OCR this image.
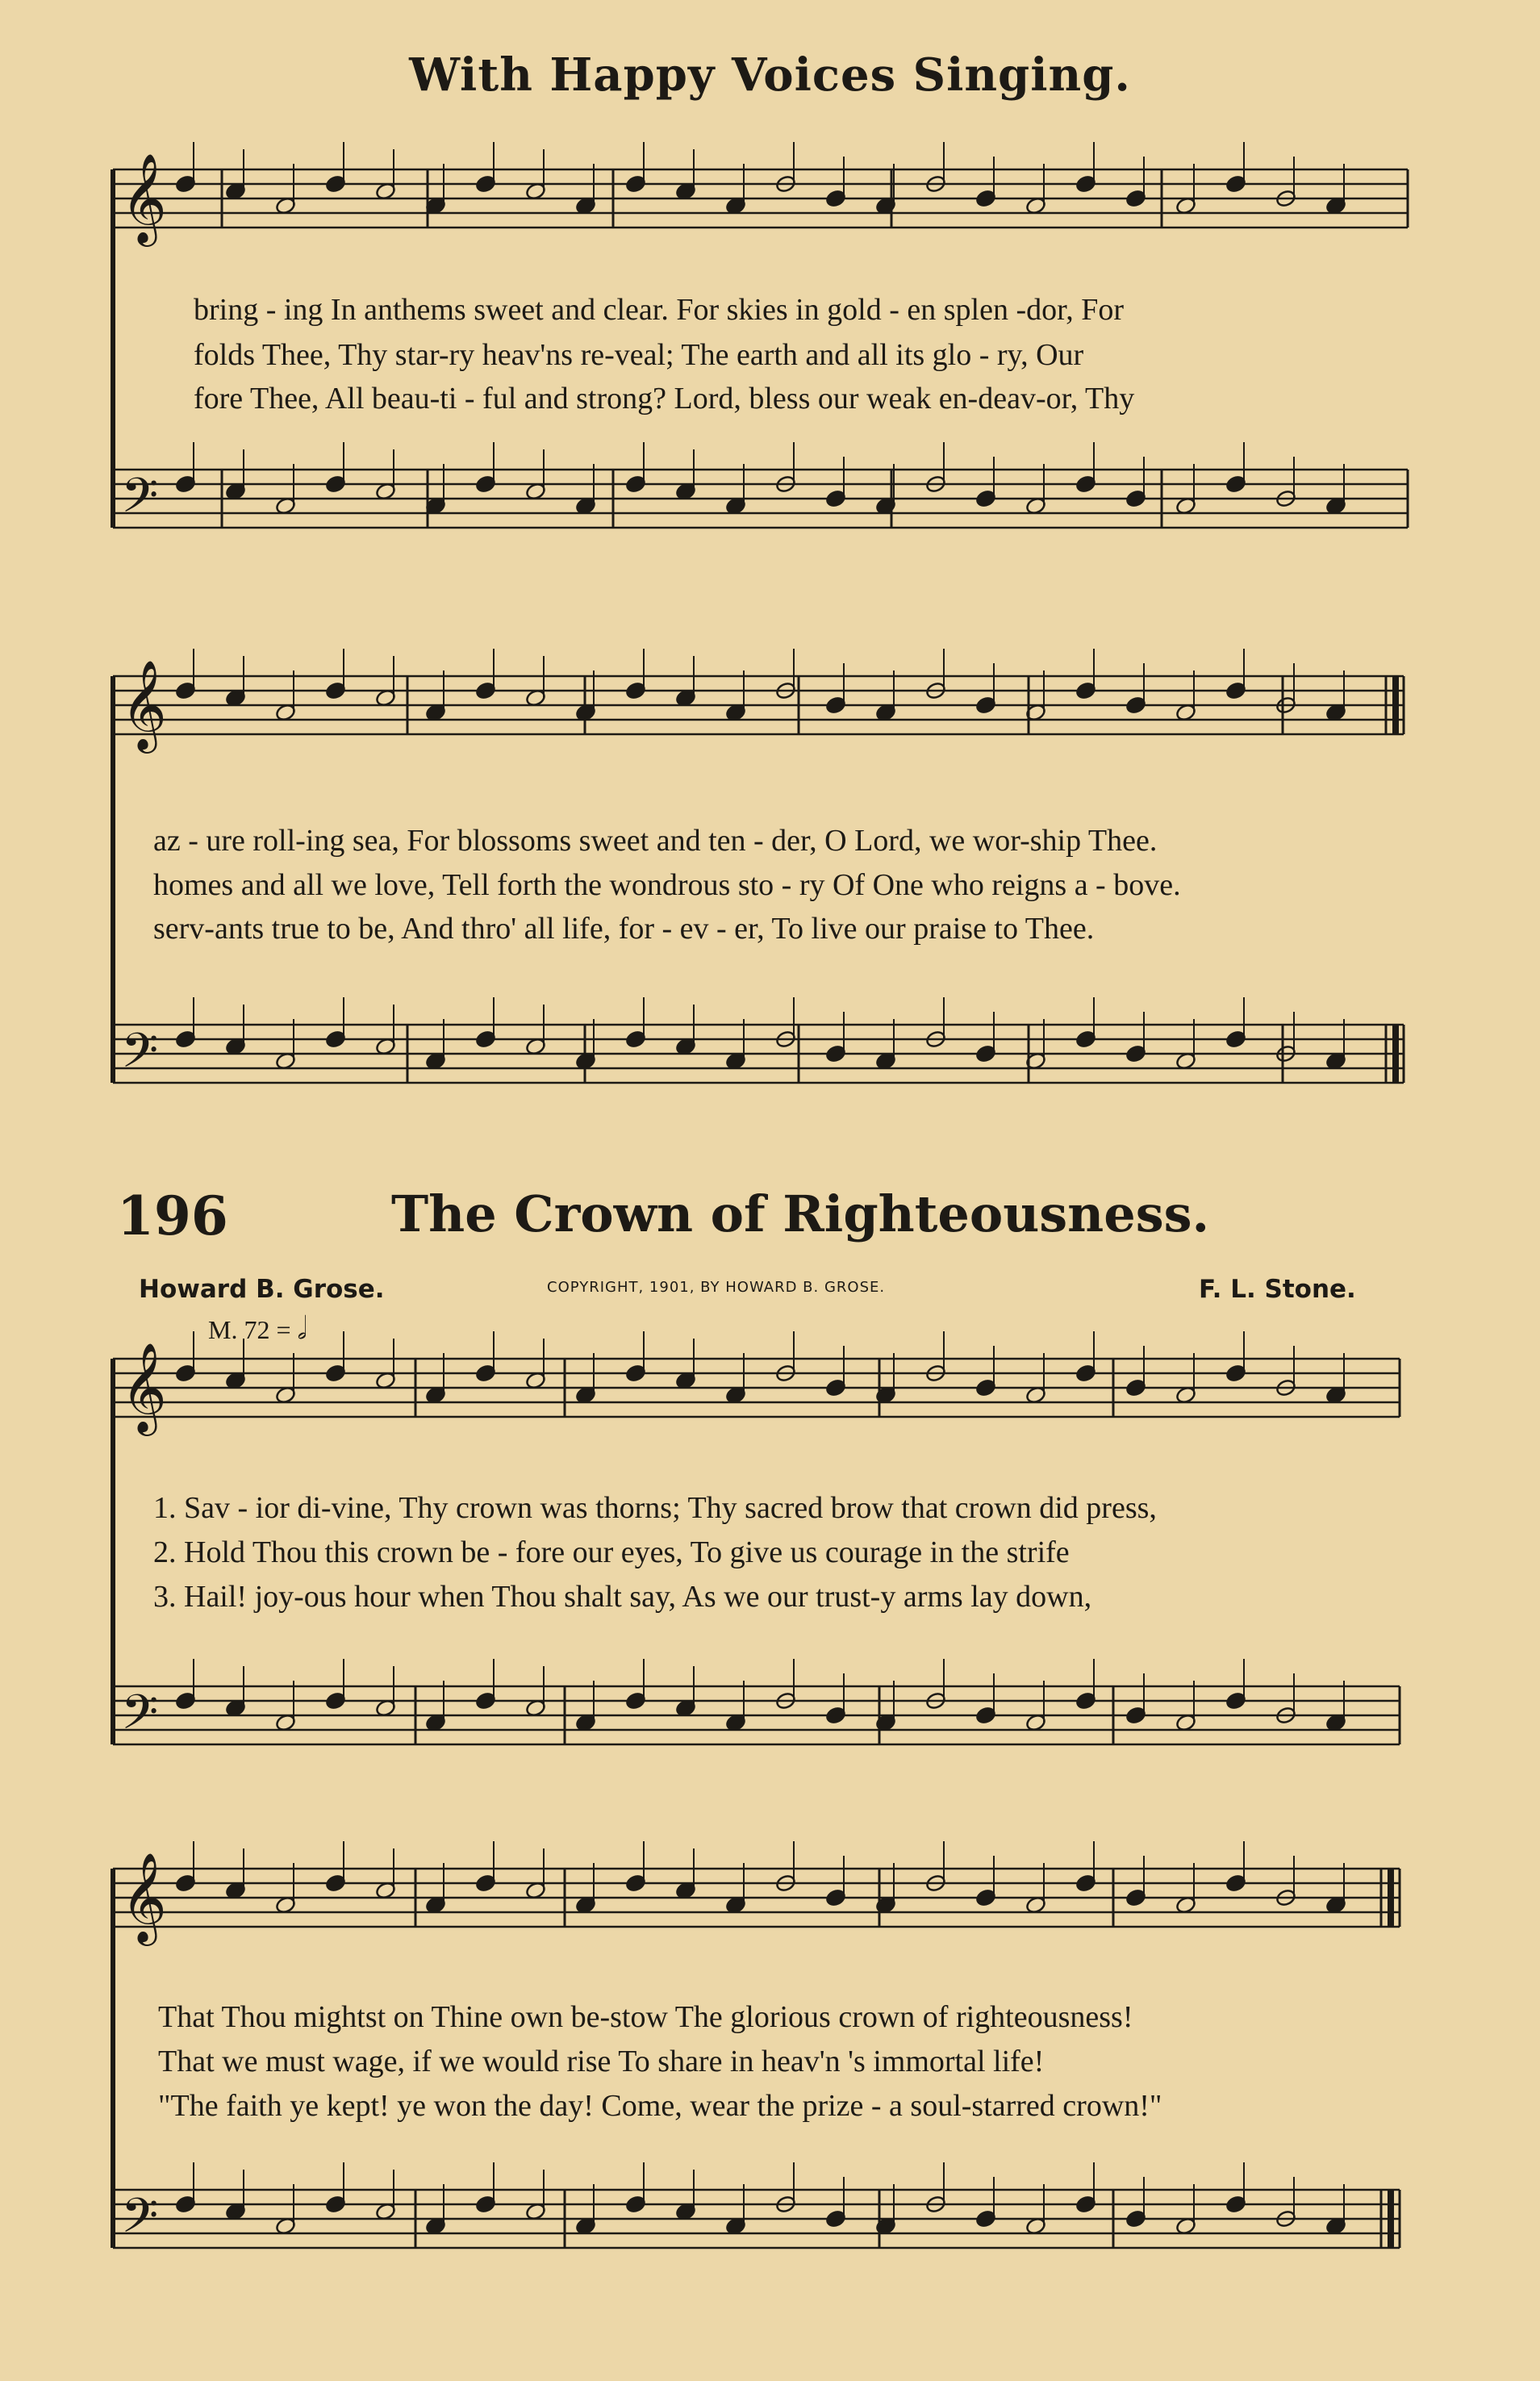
With Happy Voices Singing.
196	The Crown of Righteousness.
Howard B. Grose.	COPYRIGHT, 1901, BY HOWARD B. GROSE.	F. L. Stone.
M. 72 = 𝅗𝅥
bring - ing In anthems sweet and clear. For skies in gold - en splen -dor, For
folds Thee, Thy star-ry heav'ns re-veal; The earth and all its glo - ry, Our
fore Thee, All beau-ti - ful and strong? Lord, bless our weak en-deav-or, Thy
az - ure roll-ing sea, For blossoms sweet and ten - der, O Lord, we wor-ship Thee.
homes and all we love, Tell forth the wondrous sto - ry Of One who reigns a - bove.
serv-ants true to be, And thro' all life, for - ev - er, To live our praise to Thee.
1. Sav - ior di-vine, Thy crown was thorns; Thy sacred brow that crown did press,
2. Hold Thou this crown be - fore our eyes, To give us courage in the strife
3. Hail! joy-ous hour when Thou shalt say, As we our trust-y arms lay down,
That Thou mightst on Thine own be-stow The glorious crown of righteousness!
That we must wage, if we would rise To share in heav'n 's immortal life!
"The faith ye kept! ye won the day! Come, wear the prize - a soul-starred crown!"
𝄞
𝄢
𝄞
𝄢
𝄞
𝄢
𝄞
𝄢
